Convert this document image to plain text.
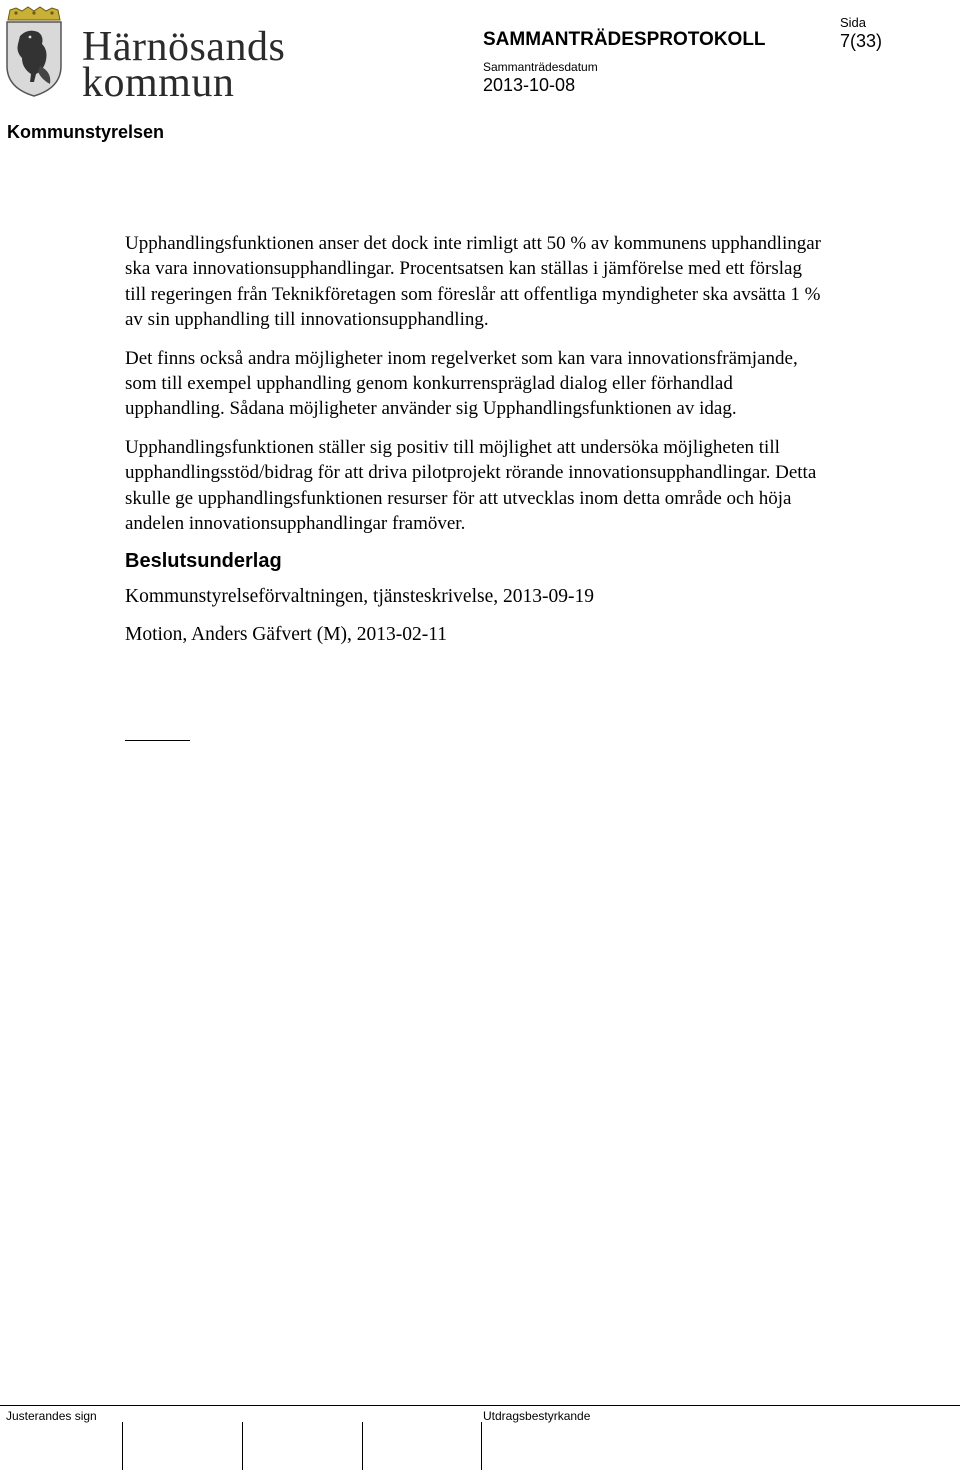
Härnösands
kommun
SAMMANTRÄDESPROTOKOLL
Sammanträdesdatum
2013-10-08
Sida
7(33)
Kommunstyrelsen

Upphandlingsfunktionen anser det dock inte rimligt att 50 % av kommunens upphandlingar ska vara innovationsupphandlingar. Procentsatsen kan ställas i jämförelse med ett förslag till regeringen från Teknikföretagen som föreslår att offentliga myndigheter ska avsätta 1 % av sin upphandling till innovationsupphandling.

Det finns också andra möjligheter inom regelverket som kan vara innovationsfrämjande, som till exempel upphandling genom konkurrenspräglad dialog eller förhandlad upphandling. Sådana möjligheter använder sig Upphandlingsfunktionen av idag.

Upphandlingsfunktionen ställer sig positiv till möjlighet att undersöka möjligheten till upphandlingsstöd/bidrag för att driva pilotprojekt rörande innovationsupphandlingar. Detta skulle ge upphandlingsfunktionen resurser för att utvecklas inom detta område och höja andelen innovationsupphandlingar framöver.

Beslutsunderlag

Kommunstyrelseförvaltningen, tjänsteskrivelse, 2013-09-19

Motion, Anders Gäfvert (M), 2013-02-11

Justerandes sign	Utdragsbestyrkande
